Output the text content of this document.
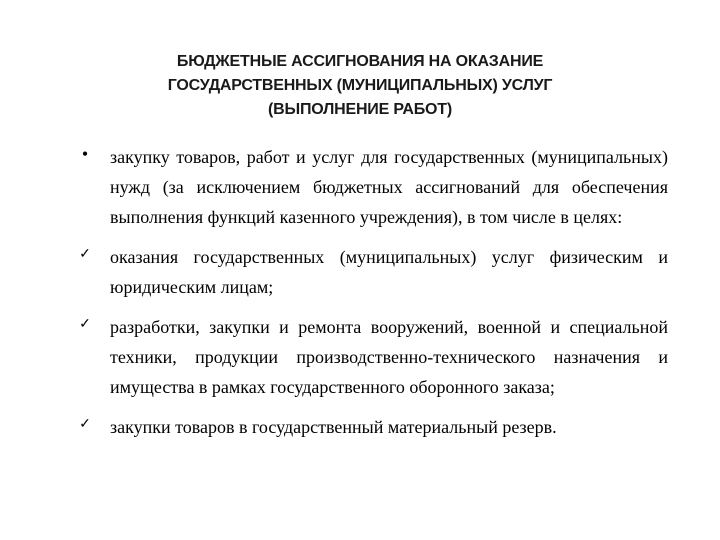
БЮДЖЕТНЫЕ АССИГНОВАНИЯ НА ОКАЗАНИЕ
ГОСУДАРСТВЕННЫХ (МУНИЦИПАЛЬНЫХ) УСЛУГ
(ВЫПОЛНЕНИЕ РАБОТ)
• закупку товаров, работ и услуг для государственных (муниципальных) нужд (за исключением бюджетных ассигнований для обеспечения выполнения функций казенного учреждения), в том числе в целях:
✓ оказания государственных (муниципальных) услуг физическим и юридическим лицам;
✓ разработки, закупки и ремонта вооружений, военной и специальной техники, продукции производственно-технического назначения и имущества в рамках государственного оборонного заказа;
✓ закупки товаров в государственный материальный резерв.
